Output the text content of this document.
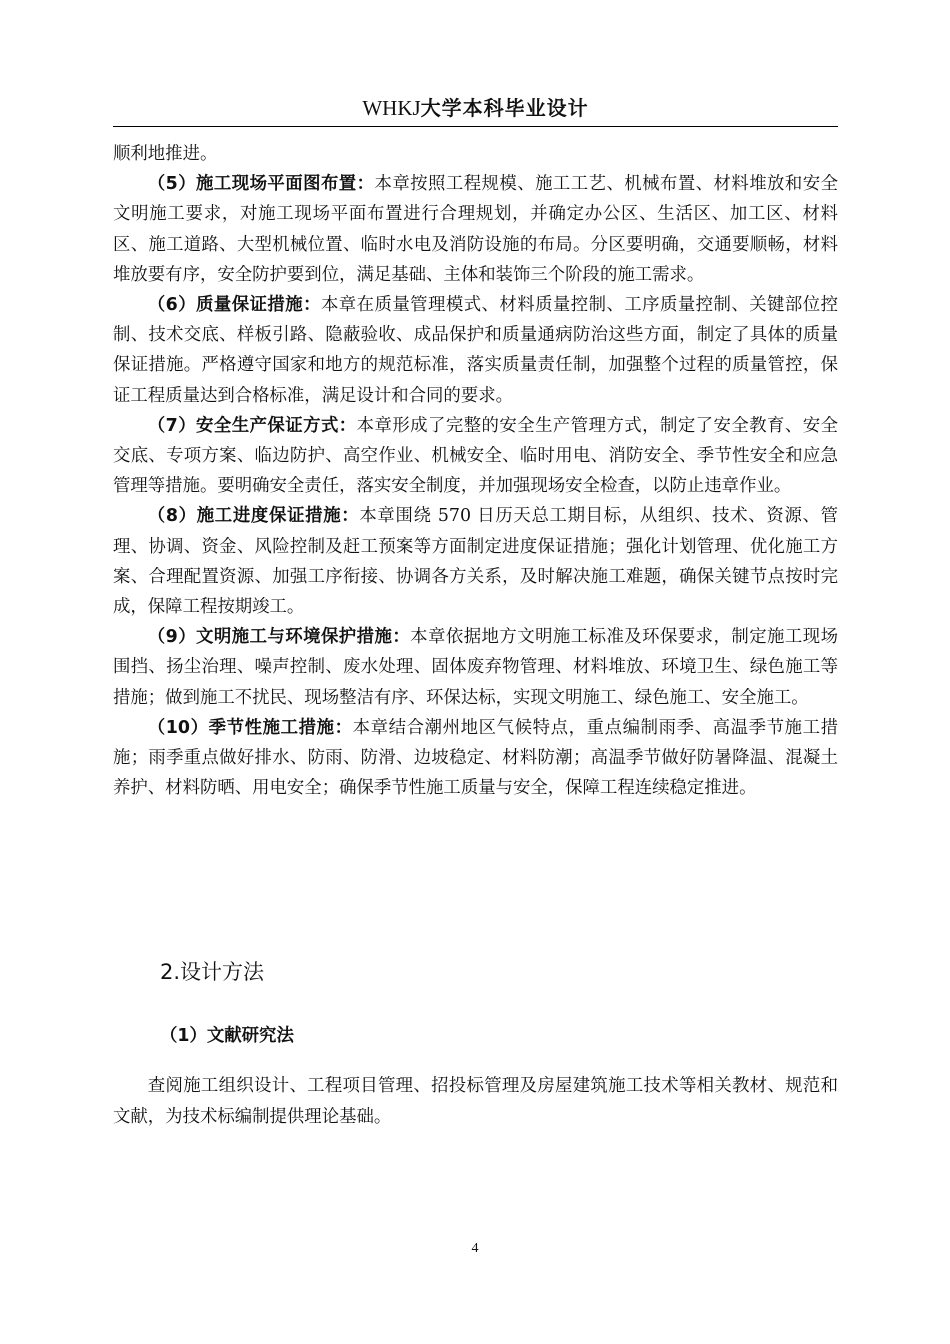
WHKJ大学本科毕业设计

顺利地推进。

（5）施工现场平面图布置：本章按照工程规模、施工工艺、机械布置、材料堆放和安全文明施工要求，对施工现场平面布置进行合理规划，并确定办公区、生活区、加工区、材料区、施工道路、大型机械位置、临时水电及消防设施的布局。分区要明确，交通要顺畅，材料堆放要有序，安全防护要到位，满足基础、主体和装饰三个阶段的施工需求。

（6）质量保证措施：本章在质量管理模式、材料质量控制、工序质量控制、关键部位控制、技术交底、样板引路、隐蔽验收、成品保护和质量通病防治这些方面，制定了具体的质量保证措施。严格遵守国家和地方的规范标准，落实质量责任制，加强整个过程的质量管控，保证工程质量达到合格标准，满足设计和合同的要求。

（7）安全生产保证方式：本章形成了完整的安全生产管理方式，制定了安全教育、安全交底、专项方案、临边防护、高空作业、机械安全、临时用电、消防安全、季节性安全和应急管理等措施。要明确安全责任，落实安全制度，并加强现场安全检查，以防止违章作业。

（8）施工进度保证措施：本章围绕 570 日历天总工期目标，从组织、技术、资源、管理、协调、资金、风险控制及赶工预案等方面制定进度保证措施；强化计划管理、优化施工方案、合理配置资源、加强工序衔接、协调各方关系，及时解决施工难题，确保关键节点按时完成，保障工程按期竣工。

（9）文明施工与环境保护措施：本章依据地方文明施工标准及环保要求，制定施工现场围挡、扬尘治理、噪声控制、废水处理、固体废弃物管理、材料堆放、环境卫生、绿色施工等措施；做到施工不扰民、现场整洁有序、环保达标，实现文明施工、绿色施工、安全施工。

（10）季节性施工措施：本章结合潮州地区气候特点，重点编制雨季、高温季节施工措施；雨季重点做好排水、防雨、防滑、边坡稳定、材料防潮；高温季节做好防暑降温、混凝土养护、材料防晒、用电安全；确保季节性施工质量与安全，保障工程连续稳定推进。

2.设计方法
（1）文献研究法

查阅施工组织设计、工程项目管理、招投标管理及房屋建筑施工技术等相关教材、规范和文献，为技术标编制提供理论基础。

4
